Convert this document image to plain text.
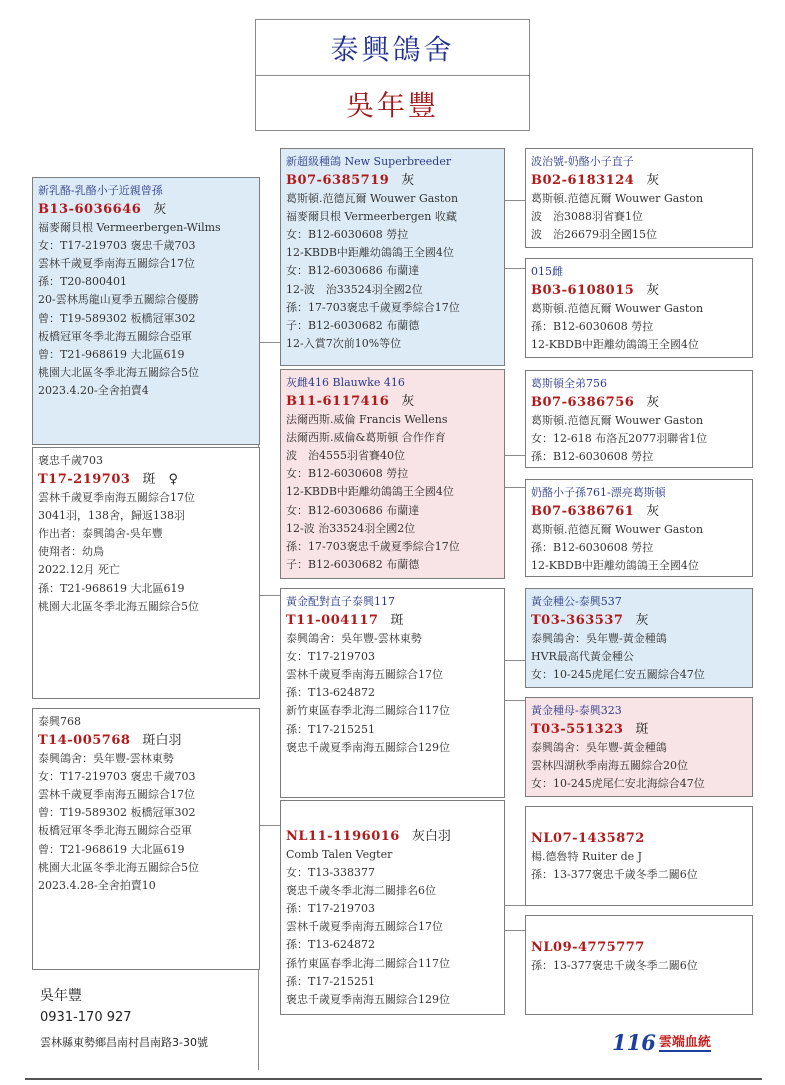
泰興鴿舍
吳年豐
新乳酪-乳酪小子近親曾孫
B13-6036646 灰
福麥爾貝根 Vermeerbergen-Wilms
女：T17-219703 褒忠千歲703
雲林千歲夏季南海五關綜合17位
孫：T20-800401
20-雲林馬龍山夏季五關綜合優勝
曾：T19-589302 板橋冠軍302
板橋冠軍冬季北海五關綜合亞軍
曾：T21-968619 大北區619
桃園大北區冬季北海五關綜合5位
2023.4.20-全舍拍賣4
褒忠千歲703
T17-219703 斑　♀
雲林千歲夏季南海五關綜合17位
3041羽，138舍，歸返138羽
作出者：泰興鴿舍-吳年豐
使翔者：幼鳥
2022.12月 死亡
孫：T21-968619 大北區619
桃園大北區冬季北海五關綜合5位
泰興768
T14-005768 斑白羽
泰興鴿舍：吳年豐-雲林東勢
女：T17-219703 褒忠千歲703
雲林千歲夏季南海五關綜合17位
曾：T19-589302 板橋冠軍302
板橋冠軍冬季北海五關綜合亞軍
曾：T21-968619 大北區619
桃園大北區冬季北海五關綜合5位
2023.4.28-全舍拍賣10
新超級種鴿 New Superbreeder
B07-6385719 灰
葛斯頓.范德瓦爾 Wouwer Gaston
福麥爾貝根 Vermeerbergen 收藏
女：B12-6030608 勞拉
12-KBDB中距離幼鴿鴿王全國4位
女：B12-6030686 布蘭達
12-波　治33524羽全國2位
孫：17-703褒忠千歲夏季綜合17位
子：B12-6030682 布蘭德
12-入賞7次前10%等位
灰雌416 Blauwke 416
B11-6117416 灰
法爾西斯.威倫 Francis Wellens
法爾西斯.威倫&葛斯頓 合作作育
波　治4555羽省賽40位
女：B12-6030608 勞拉
12-KBDB中距離幼鴿鴿王全國4位
女：B12-6030686 布蘭達
12-波 治33524羽全國2位
孫：17-703褒忠千歲夏季綜合17位
子：B12-6030682 布蘭德
黃金配對直子泰興117
T11-004117 斑
泰興鴿舍：吳年豐-雲林東勢
女：T17-219703
雲林千歲夏季南海五關綜合17位
孫：T13-624872
新竹東區春季北海二關綜合117位
孫：T17-215251
褒忠千歲夏季南海五關綜合129位
NL11-1196016 灰白羽
Comb Talen Vegter
女：T13-338377
褒忠千歲冬季北海二關排名6位
孫：T17-219703
雲林千歲夏季南海五關綜合17位
孫：T13-624872
孫竹東區春季北海二關綜合117位
孫：T17-215251
褒忠千歲夏季南海五關綜合129位
波治號-奶酪小子直子
B02-6183124 灰
葛斯頓.范德瓦爾 Wouwer Gaston
波　治3088羽省賽1位
波　治26679羽全國15位
015雌
B03-6108015 灰
葛斯頓.范德瓦爾 Wouwer Gaston
孫：B12-6030608 勞拉
12-KBDB中距離幼鴿鴿王全國4位
葛斯頓全弟756
B07-6386756 灰
葛斯頓.范德瓦爾 Wouwer Gaston
女：12-618 布洛瓦2077羽聯省1位
孫：B12-6030608 勞拉
奶酪小子孫761-漂亮葛斯頓
B07-6386761 灰
葛斯頓.范德瓦爾 Wouwer Gaston
孫：B12-6030608 勞拉
12-KBDB中距離幼鴿鴿王全國4位
黃金種公-泰興537
T03-363537 灰
泰興鴿舍：吳年豐-黃金種鴿
HVR最高代黃金種公
女：10-245虎尾仁安五關綜合47位
黃金種母-泰興323
T03-551323 斑
泰興鴿舍：吳年豐-黃金種鴿
雲林四湖秋季南海五關綜合20位
女：10-245虎尾仁安北海綜合47位
NL07-1435872
楊.德魯特 Ruiter de J
孫：13-377褒忠千歲冬季二關6位
NL09-4775777
孫：13-377褒忠千歲冬季二關6位
吳年豐
0931-170 927
雲林縣東勢鄉昌南村昌南路3-30號	116 雲端血統
